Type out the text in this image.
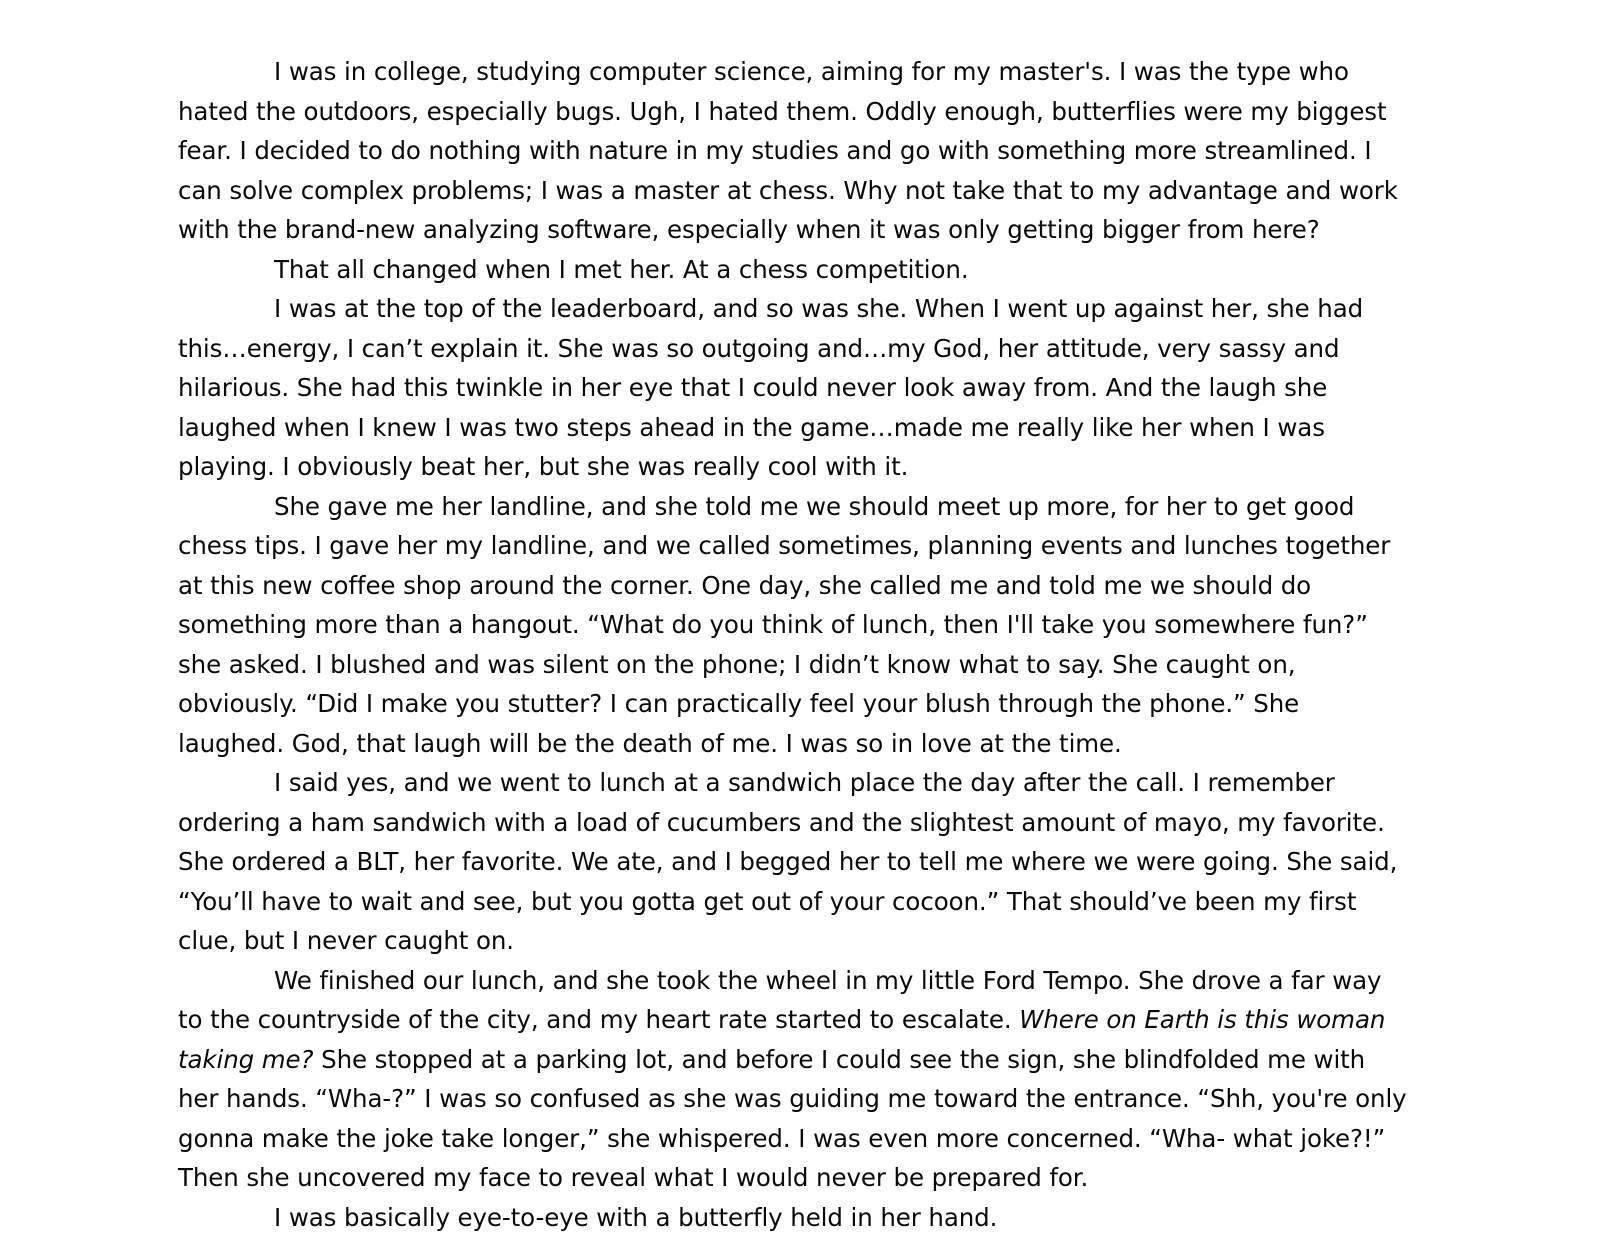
I was in college, studying computer science, aiming for my master's. I was the type who hated the outdoors, especially bugs. Ugh, I hated them. Oddly enough, butterflies were my biggest fear. I decided to do nothing with nature in my studies and go with something more streamlined. I can solve complex problems; I was a master at chess. Why not take that to my advantage and work with the brand-new analyzing software, especially when it was only getting bigger from here?

That all changed when I met her. At a chess competition.

I was at the top of the leaderboard, and so was she. When I went up against her, she had this…energy, I can’t explain it. She was so outgoing and…my God, her attitude, very sassy and hilarious. She had this twinkle in her eye that I could never look away from. And the laugh she laughed when I knew I was two steps ahead in the game…made me really like her when I was playing. I obviously beat her, but she was really cool with it.

She gave me her landline, and she told me we should meet up more, for her to get good chess tips. I gave her my landline, and we called sometimes, planning events and lunches together at this new coffee shop around the corner. One day, she called me and told me we should do something more than a hangout. “What do you think of lunch, then I'll take you somewhere fun?” she asked. I blushed and was silent on the phone; I didn’t know what to say. She caught on, obviously. “Did I make you stutter? I can practically feel your blush through the phone.” She laughed. God, that laugh will be the death of me. I was so in love at the time.

I said yes, and we went to lunch at a sandwich place the day after the call. I remember ordering a ham sandwich with a load of cucumbers and the slightest amount of mayo, my favorite. She ordered a BLT, her favorite. We ate, and I begged her to tell me where we were going. She said, “You’ll have to wait and see, but you gotta get out of your cocoon.” That should’ve been my first clue, but I never caught on.

We finished our lunch, and she took the wheel in my little Ford Tempo. She drove a far way to the countryside of the city, and my heart rate started to escalate. Where on Earth is this woman taking me? She stopped at a parking lot, and before I could see the sign, she blindfolded me with her hands. “Wha-?” I was so confused as she was guiding me toward the entrance. “Shh, you're only gonna make the joke take longer,” she whispered. I was even more concerned. “Wha- what joke?!” Then she uncovered my face to reveal what I would never be prepared for.

I was basically eye-to-eye with a butterfly held in her hand.
